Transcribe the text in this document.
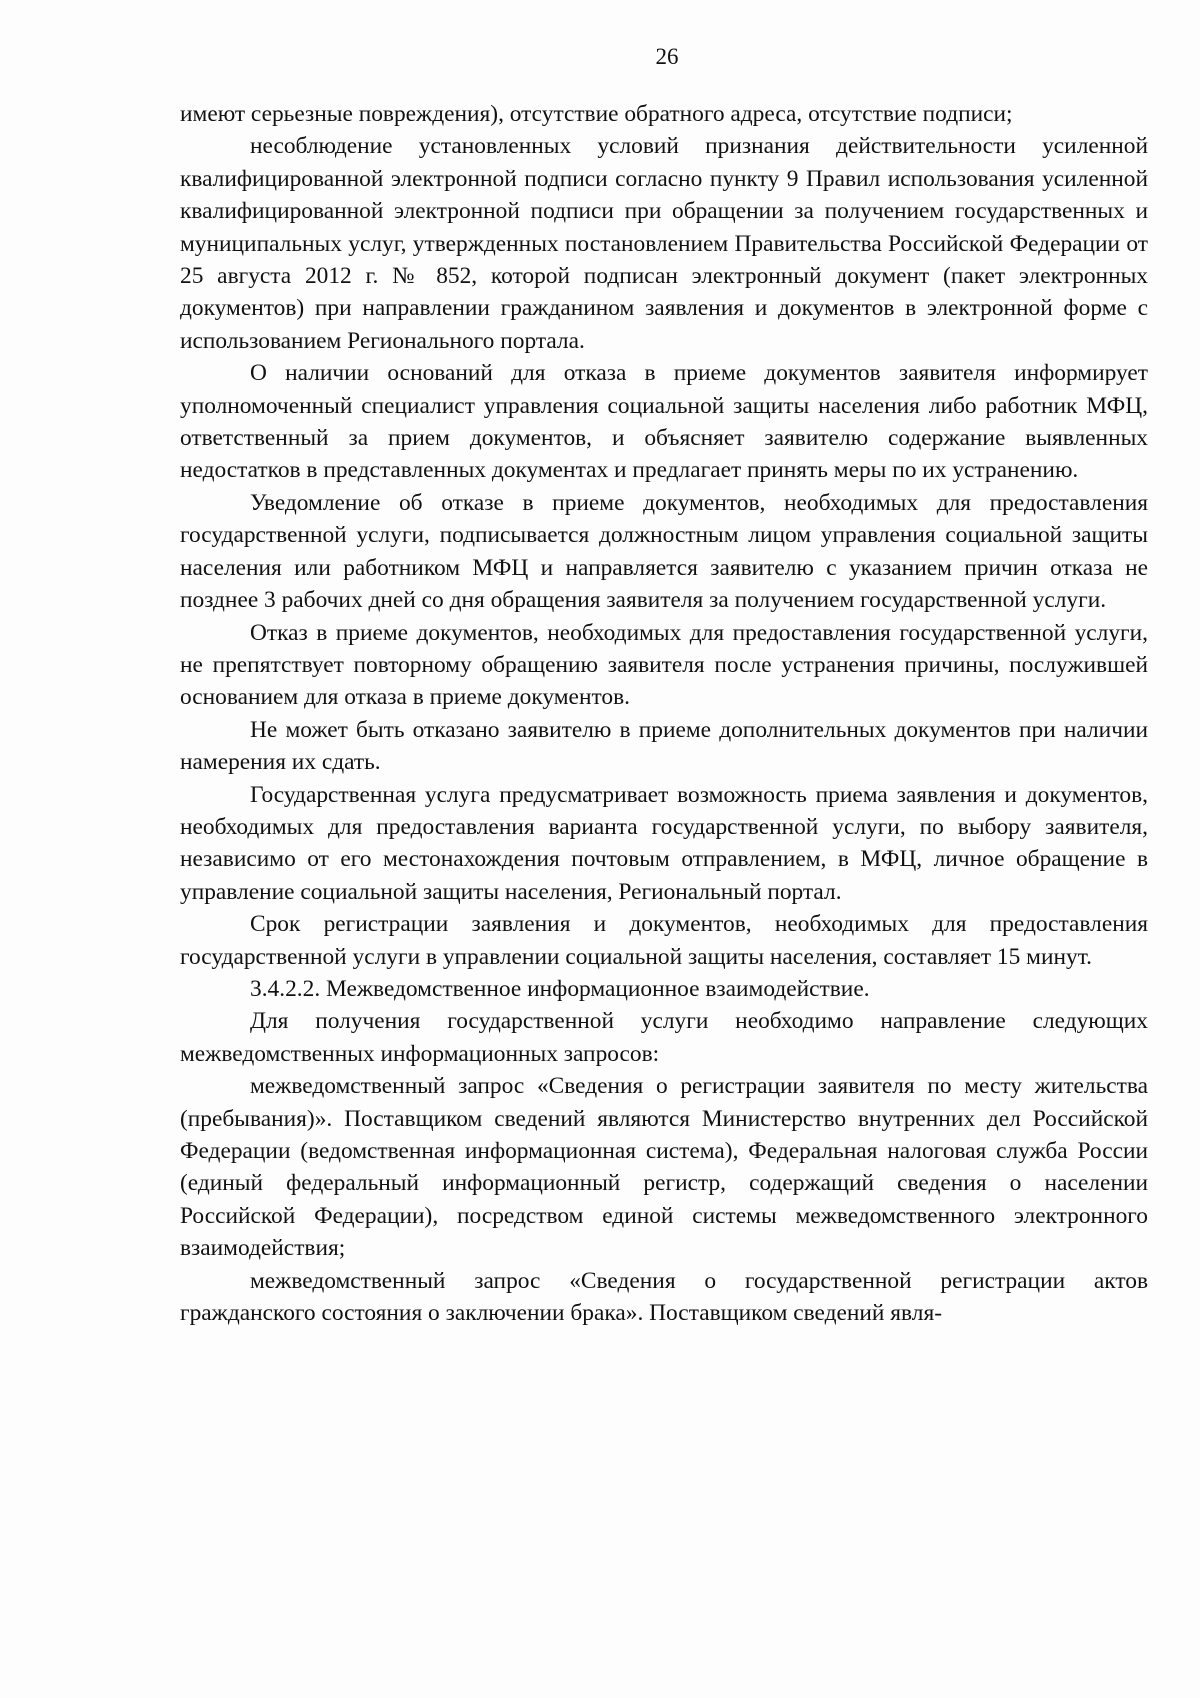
26

имеют серьезные повреждения), отсутствие обратного адреса, отсутствие подписи;

несоблюдение установленных условий признания действительности усиленной квалифицированной электронной подписи согласно пункту 9 Правил использования усиленной квалифицированной электронной подписи при обращении за получением государственных и муниципальных услуг, утвержденных постановлением Правительства Российской Федерации от 25 августа 2012 г. № 852, которой подписан электронный документ (пакет электронных документов) при направлении гражданином заявления и документов в электронной форме с использованием Регионального портала.

О наличии оснований для отказа в приеме документов заявителя информирует уполномоченный специалист управления социальной защиты населения либо работник МФЦ, ответственный за прием документов, и объясняет заявителю содержание выявленных недостатков в представленных документах и предлагает принять меры по их устранению.

Уведомление об отказе в приеме документов, необходимых для предоставления государственной услуги, подписывается должностным лицом управления социальной защиты населения или работником МФЦ и направляется заявителю с указанием причин отказа не позднее 3 рабочих дней со дня обращения заявителя за получением государственной услуги.

Отказ в приеме документов, необходимых для предоставления государственной услуги, не препятствует повторному обращению заявителя после устранения причины, послужившей основанием для отказа в приеме документов.

Не может быть отказано заявителю в приеме дополнительных документов при наличии намерения их сдать.

Государственная услуга предусматривает возможность приема заявления и документов, необходимых для предоставления варианта государственной услуги, по выбору заявителя, независимо от его местонахождения почтовым отправлением, в МФЦ, личное обращение в управление социальной защиты населения, Региональный портал.

Срок регистрации заявления и документов, необходимых для предоставления государственной услуги в управлении социальной защиты населения, составляет 15 минут.

3.4.2.2. Межведомственное информационное взаимодействие.

Для получения государственной услуги необходимо направление следующих межведомственных информационных запросов:

межведомственный запрос «Сведения о регистрации заявителя по месту жительства (пребывания)». Поставщиком сведений являются Министерство внутренних дел Российской Федерации (ведомственная информационная система), Федеральная налоговая служба России (единый федеральный информационный регистр, содержащий сведения о населении Российской Федерации), посредством единой системы межведомственного электронного взаимодействия;

межведомственный запрос «Сведения о государственной регистрации актов гражданского состояния о заключении брака». Поставщиком сведений явля-
